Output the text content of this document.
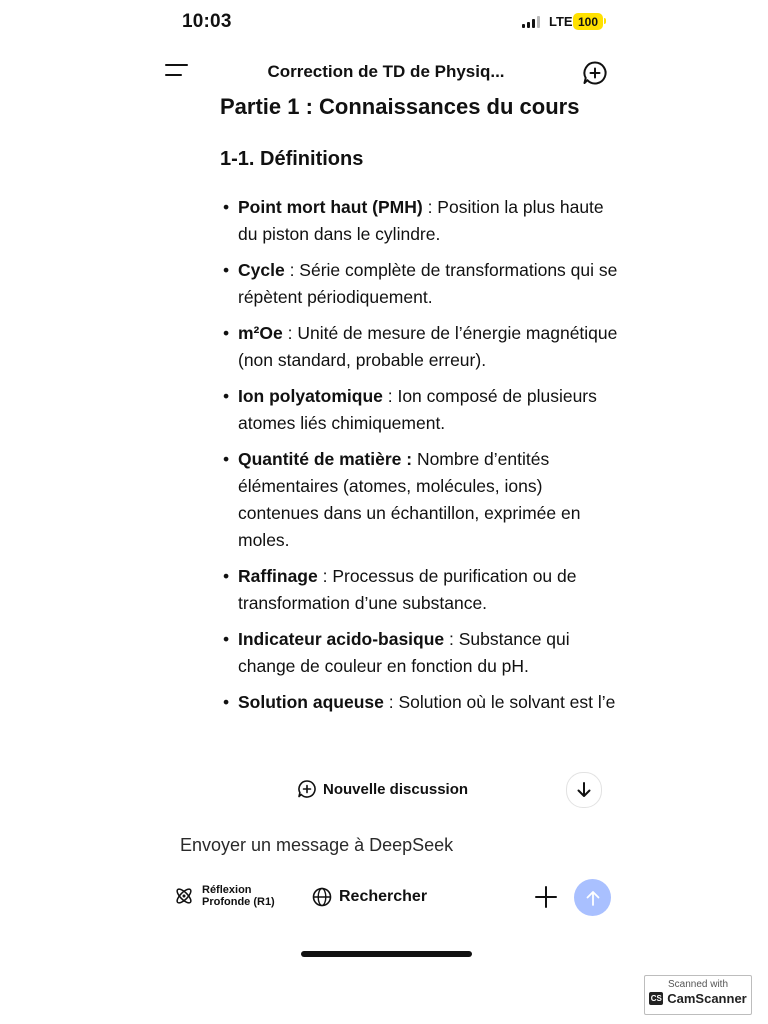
10:03	LTE 100
Correction de TD de Physiq...
Partie 1 : Connaissances du cours
1-1. Définitions
• Point mort haut (PMH) : Position la plus haute du piston dans le cylindre.
• Cycle : Série complète de transformations qui se répètent périodiquement.
• m²Oe : Unité de mesure de l’énergie magnétique (non standard, probable erreur).
• Ion polyatomique : Ion composé de plusieurs atomes liés chimiquement.
• Quantité de matière : Nombre d’entités élémentaires (atomes, molécules, ions) contenues dans un échantillon, exprimée en moles.
• Raffinage : Processus de purification ou de transformation d’une substance.
• Indicateur acido-basique : Substance qui change de couleur en fonction du pH.
• Solution aqueuse : Solution où le solvant est l’e
Nouvelle discussion
Envoyer un message à DeepSeek
Réflexion
Profonde (R1)	Rechercher
Scanned with
CS CamScanner
